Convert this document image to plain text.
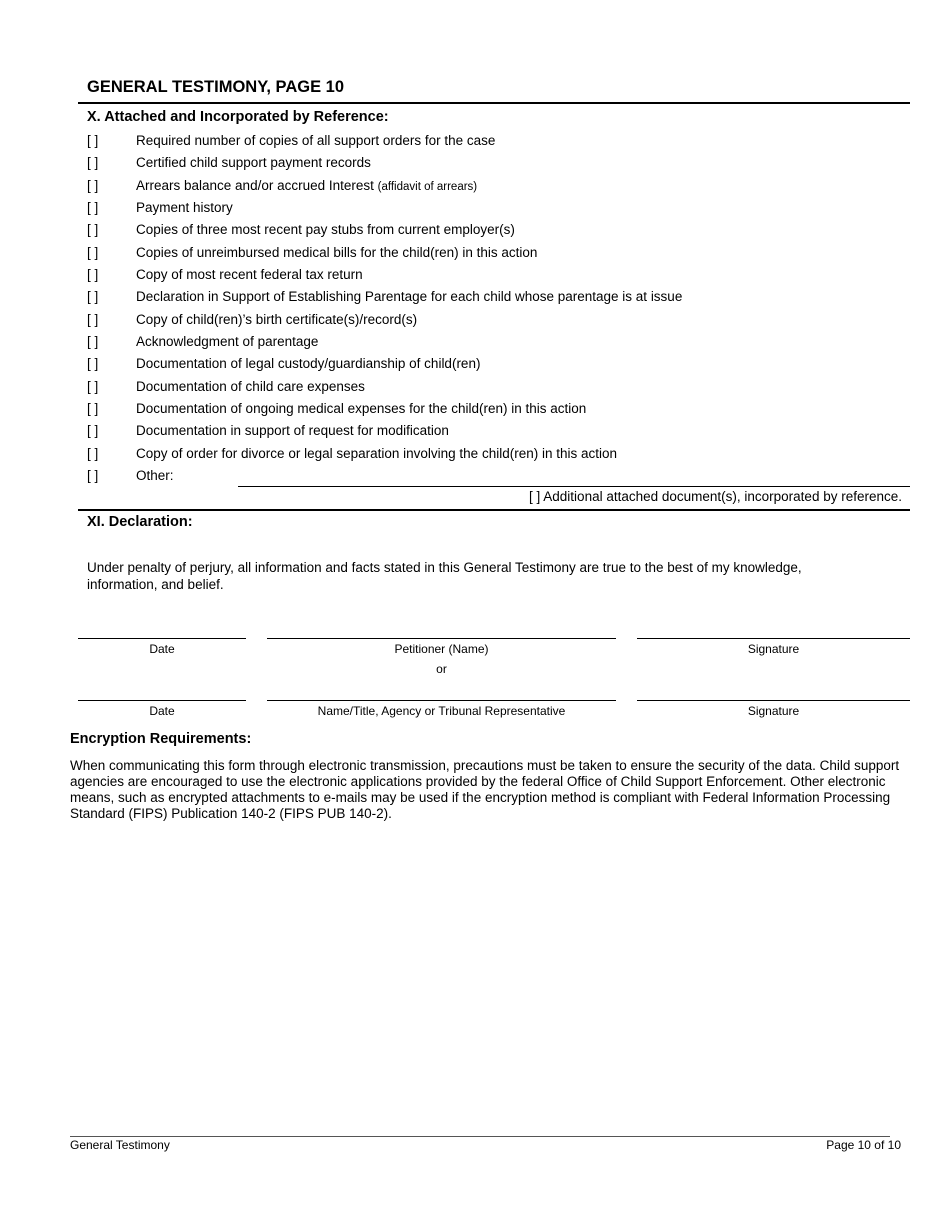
GENERAL TESTIMONY, PAGE 10
X. Attached and Incorporated by Reference:
[ ]	Required number of copies of all support orders for the case
[ ]	Certified child support payment records
[ ]	Arrears balance and/or accrued Interest (affidavit of arrears)
[ ]	Payment history
[ ]	Copies of three most recent pay stubs from current employer(s)
[ ]	Copies of unreimbursed medical bills for the child(ren) in this action
[ ]	Copy of most recent federal tax return
[ ]	Declaration in Support of Establishing Parentage for each child whose parentage is at issue
[ ]	Copy of child(ren)’s birth certificate(s)/record(s)
[ ]	Acknowledgment of parentage
[ ]	Documentation of legal custody/guardianship of child(ren)
[ ]	Documentation of child care expenses
[ ]	Documentation of ongoing medical expenses for the child(ren) in this action
[ ]	Documentation in support of request for modification
[ ]	Copy of order for divorce or legal separation involving the child(ren) in this action
[ ]	Other:
[ ] Additional attached document(s), incorporated by reference.
XI. Declaration:
Under penalty of perjury, all information and facts stated in this General Testimony are true to the best of my knowledge, information, and belief.
Date	Petitioner (Name)	Signature
or
Date	Name/Title, Agency or Tribunal Representative	Signature
Encryption Requirements:
When communicating this form through electronic transmission, precautions must be taken to ensure the security of the data. Child support agencies are encouraged to use the electronic applications provided by the federal Office of Child Support Enforcement. Other electronic means, such as encrypted attachments to e-mails may be used if the encryption method is compliant with Federal Information Processing Standard (FIPS) Publication 140-2 (FIPS PUB 140-2).
General Testimony	Page 10 of 10
